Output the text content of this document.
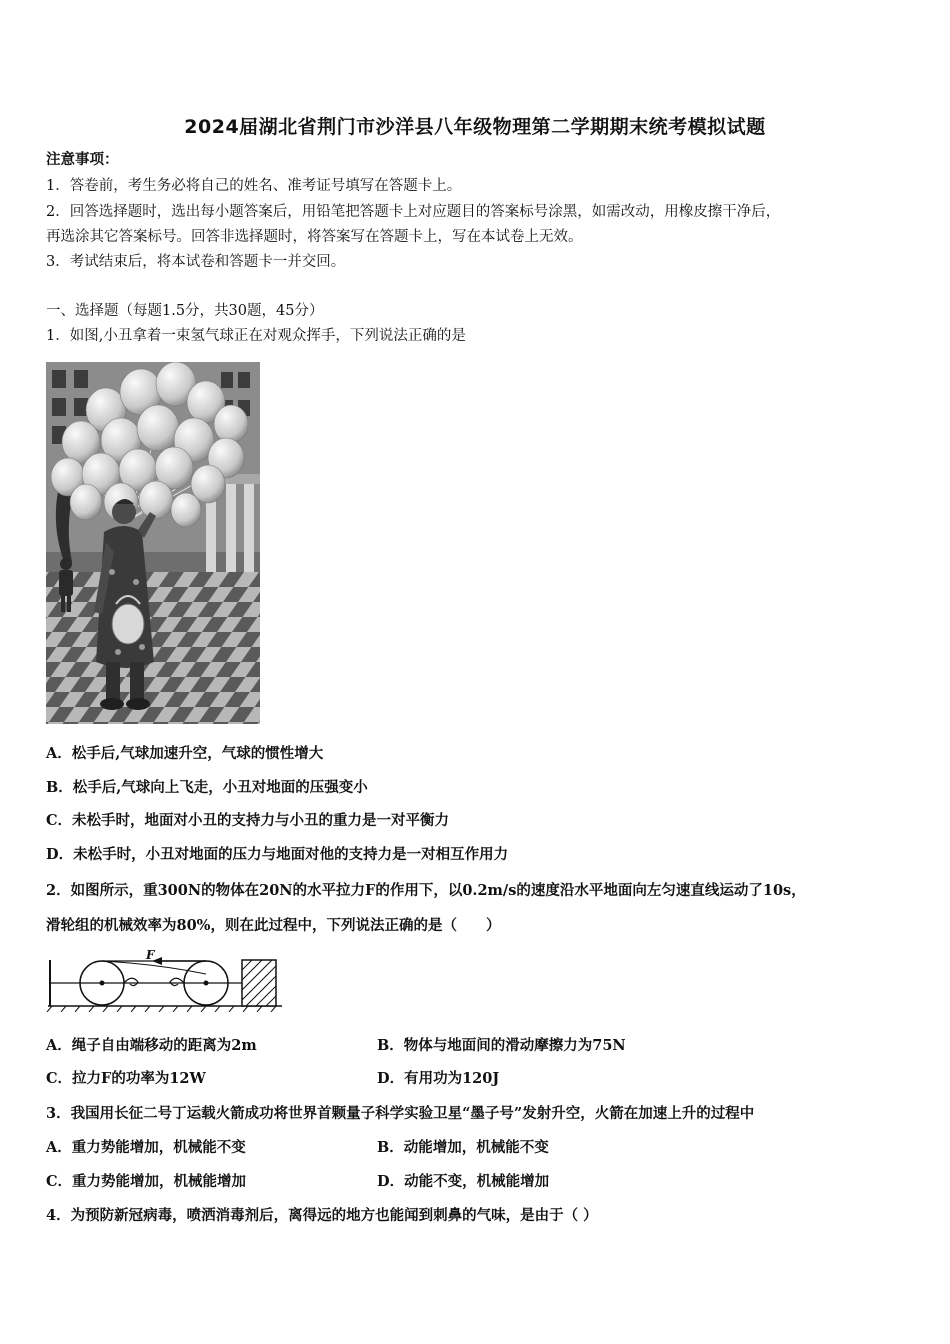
2024届湖北省荆门市沙洋县八年级物理第二学期期末统考模拟试题
注意事项：
1．答卷前，考生务必将自己的姓名、准考证号填写在答题卡上。
2．回答选择题时，选出每小题答案后，用铅笔把答题卡上对应题目的答案标号涂黑，如需改动，用橡皮擦干净后，
再选涂其它答案标号。回答非选择题时，将答案写在答题卡上，写在本试卷上无效。
3．考试结束后，将本试卷和答题卡一并交回。
一、选择题（每题1.5分，共30题，45分）
1．如图,小丑拿着一束氢气球正在对观众挥手，下列说法正确的是
A．松手后,气球加速升空，气球的惯性增大
B．松手后,气球向上飞走，小丑对地面的压强变小
C．未松手时，地面对小丑的支持力与小丑的重力是一对平衡力
D．未松手时，小丑对地面的压力与地面对他的支持力是一对相互作用力
2．如图所示，重300N的物体在20N的水平拉力F的作用下，以0.2m/s的速度沿水平地面向左匀速直线运动了10s，
滑轮组的机械效率为80%，则在此过程中，下列说法正确的是（　　）
F
A．绳子自由端移动的距离为2m	B．物体与地面间的滑动摩擦力为75N
C．拉力F的功率为12W	D．有用功为120J
3．我国用长征二号丁运载火箭成功将世界首颗量子科学实验卫星“墨子号”发射升空，火箭在加速上升的过程中
A．重力势能增加，机械能不变	B．动能增加，机械能不变
C．重力势能增加，机械能增加	D．动能不变，机械能增加
4．为预防新冠病毒，喷洒消毒剂后，离得远的地方也能闻到刺鼻的气味，是由于（ ）
